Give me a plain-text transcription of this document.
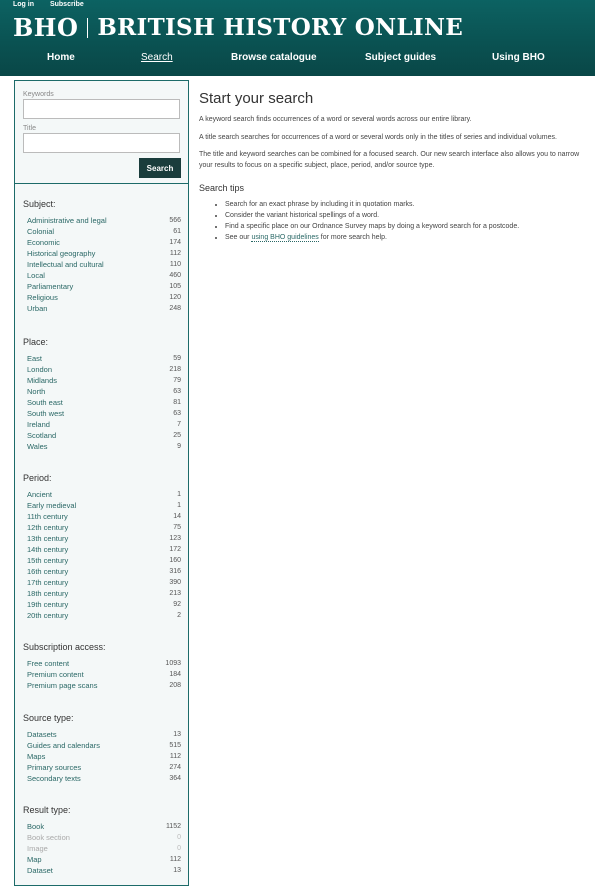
Log in Subscribe
BHO BRITISH HISTORY ONLINE
Home	Search	Browse catalogue	Subject guides	Using BHO
Keywords
Title
Search
Subject:
Administrative and legal	566
Colonial	61
Economic	174
Historical geography	112
Intellectual and cultural	110
Local	460
Parliamentary	105
Religious	120
Urban	248
Place:
East	59
London	218
Midlands	79
North	63
South east	81
South west	63
Ireland	7
Scotland	25
Wales	9
Period:
Ancient	1
Early medieval	1
11th century	14
12th century	75
13th century	123
14th century	172
15th century	160
16th century	316
17th century	390
18th century	213
19th century	92
20th century	2
Subscription access:
Free content	1093
Premium content	184
Premium page scans	208
Source type:
Datasets	13
Guides and calendars	515
Maps	112
Primary sources	274
Secondary texts	364
Result type:
Book	1152
Book section	0
Image	0
Map	112
Dataset	13
Start your search

A keyword search finds occurrences of a word or several words across our entire library.

A title search searches for occurrences of a word or several words only in the titles of series and individual volumes.

The title and keyword searches can be combined for a focused search. Our new search interface also allows you to narrow your results to focus on a specific subject, place, period, and/or source type.

Search tips
• Search for an exact phrase by including it in quotation marks.
• Consider the variant historical spellings of a word.
• Find a specific place on our Ordnance Survey maps by doing a keyword search for a postcode.
• See our using BHO guidelines for more search help.
